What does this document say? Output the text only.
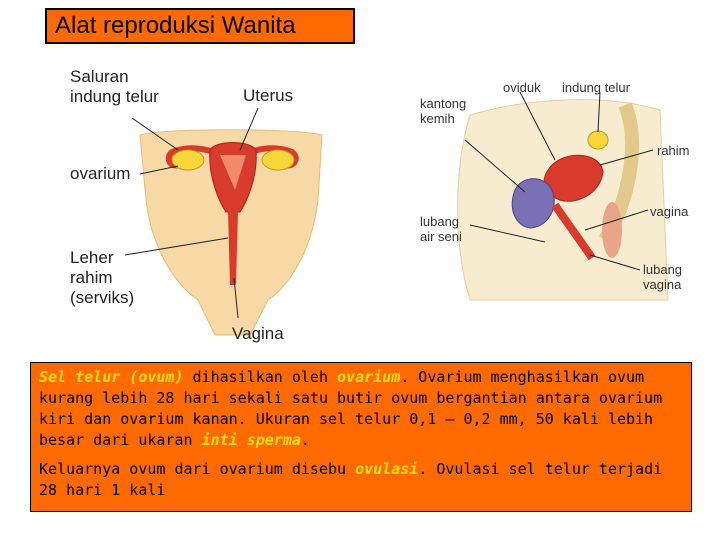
Alat reproduksi Wanita
Saluran
indung telur	Uterus
ovarium
Leher
rahim
(serviks)
Vagina
oviduk indung telur
kantong
kemih
rahim
vagina
lubang
air seni
lubang
vagina

Sel telur (ovum) dihasilkan oleh ovarium. Ovarium menghasilkan ovum kurang lebih 28 hari sekali satu butir ovum bergantian antara ovarium kiri dan ovarium kanan. Ukuran sel telur 0,1 – 0,2 mm, 50 kali lebih besar dari ukaran inti sperma.

Keluarnya ovum dari ovarium disebu ovulasi. Ovulasi sel telur terjadi 28 hari 1 kali
